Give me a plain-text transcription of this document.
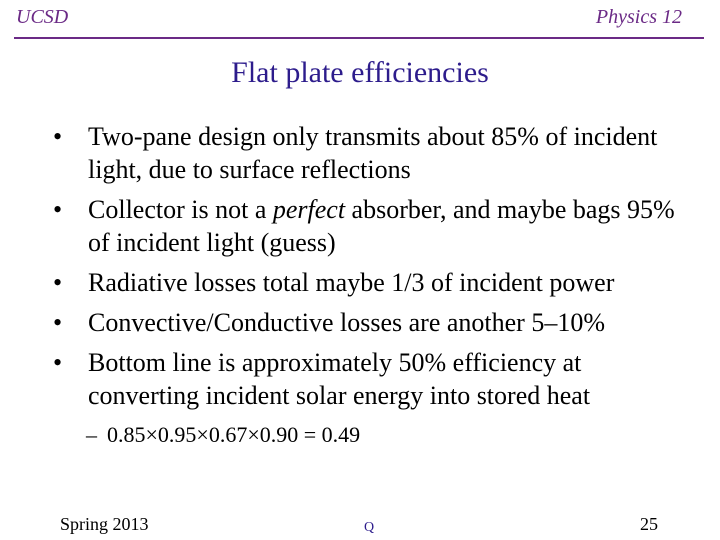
UCSD	Physics 12
Flat plate efficiencies
• Two-pane design only transmits about 85% of incident light, due to surface reflections
• Collector is not a perfect absorber, and maybe bags 95% of incident light (guess)
• Radiative losses total maybe 1/3 of incident power
• Convective/Conductive losses are another 5–10%
• Bottom line is approximately 50% efficiency at converting incident solar energy into stored heat
– 0.85×0.95×0.67×0.90 = 0.49
Spring 2013	Q	25
